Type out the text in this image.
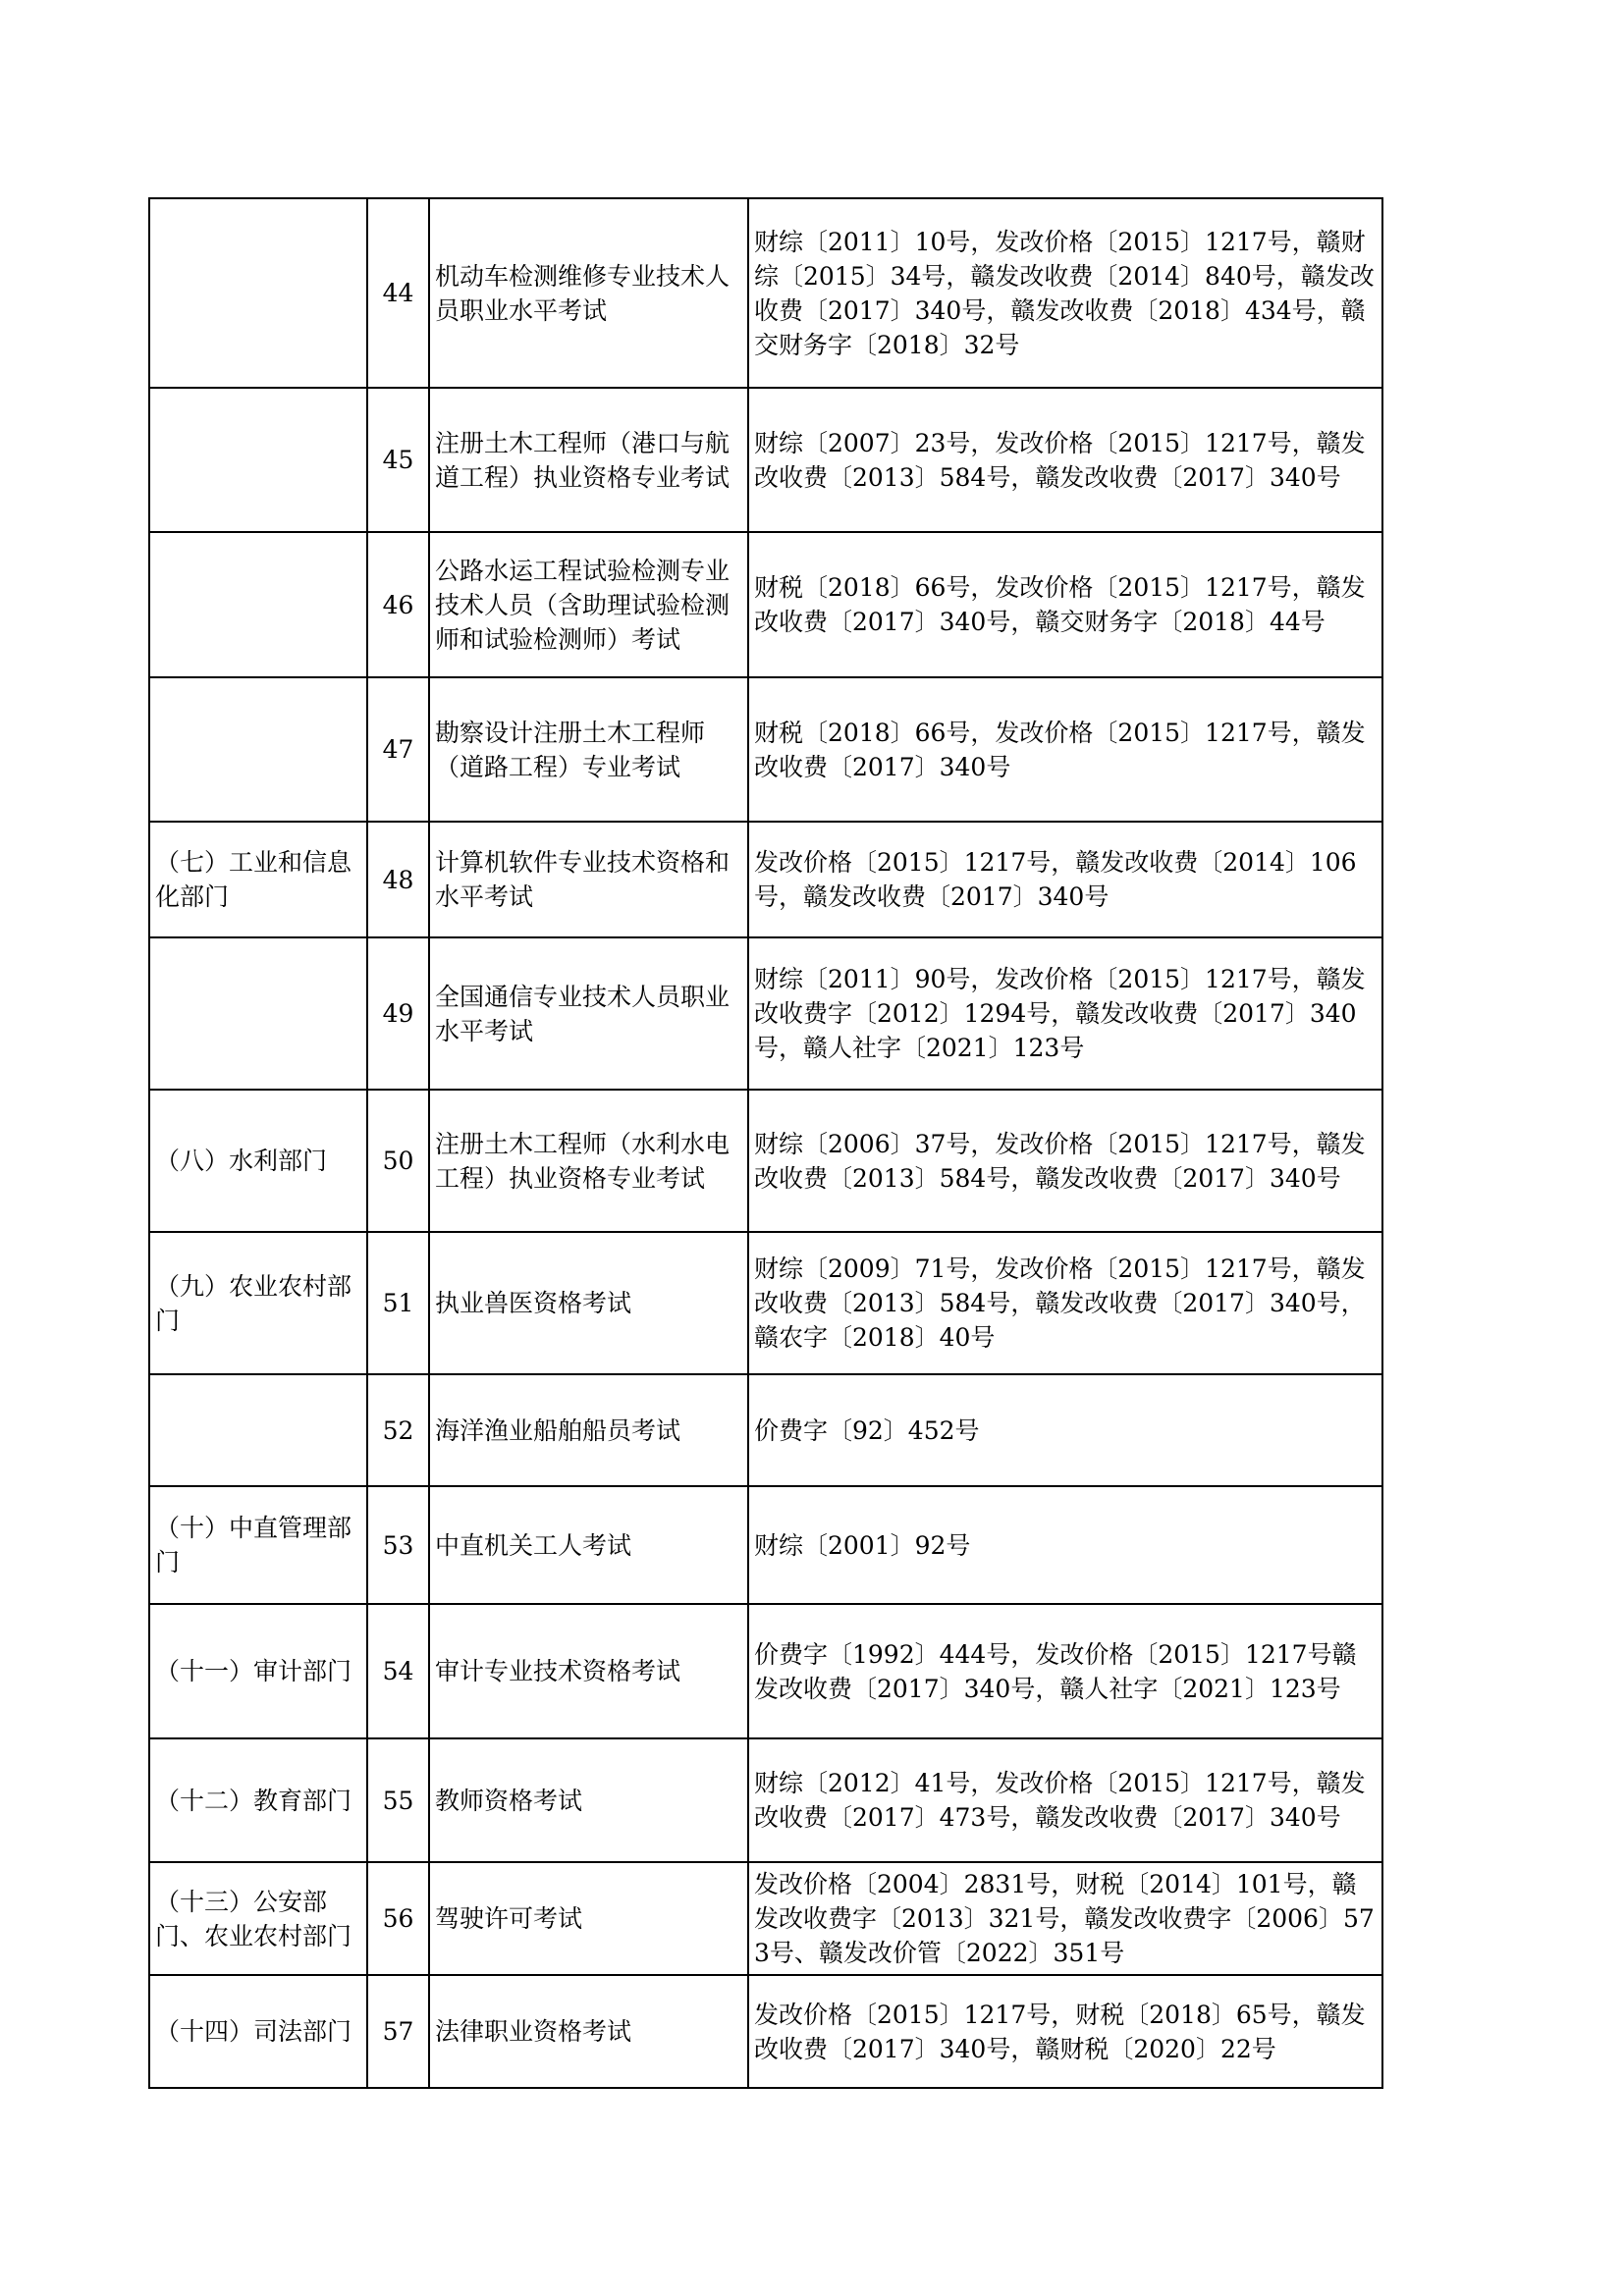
	44	机动车检测维修专业技术人员职业水平考试	财综〔2011〕10号，发改价格〔2015〕1217号，赣财综〔2015〕34号，赣发改收费〔2014〕840号，赣发改收费〔2017〕340号，赣发改收费〔2018〕434号，赣交财务字〔2018〕32号
	45	注册土木工程师（港口与航道工程）执业资格专业考试	财综〔2007〕23号，发改价格〔2015〕1217号，赣发改收费〔2013〕584号，赣发改收费〔2017〕340号
	46	公路水运工程试验检测专业技术人员（含助理试验检测师和试验检测师）考试	财税〔2018〕66号，发改价格〔2015〕1217号，赣发改收费〔2017〕340号，赣交财务字〔2018〕44号
	47	勘察设计注册土木工程师（道路工程）专业考试	财税〔2018〕66号，发改价格〔2015〕1217号，赣发改收费〔2017〕340号
（七）工业和信息化部门	48	计算机软件专业技术资格和水平考试	发改价格〔2015〕1217号，赣发改收费〔2014〕106号，赣发改收费〔2017〕340号
	49	全国通信专业技术人员职业水平考试	财综〔2011〕90号，发改价格〔2015〕1217号，赣发改收费字〔2012〕1294号，赣发改收费〔2017〕340号，赣人社字〔2021〕123号
（八）水利部门	50	注册土木工程师（水利水电工程）执业资格专业考试	财综〔2006〕37号，发改价格〔2015〕1217号，赣发改收费〔2013〕584号，赣发改收费〔2017〕340号
（九）农业农村部门	51	执业兽医资格考试	财综〔2009〕71号，发改价格〔2015〕1217号，赣发改收费〔2013〕584号，赣发改收费〔2017〕340号，赣农字〔2018〕40号
	52	海洋渔业船舶船员考试	价费字〔92〕452号
（十）中直管理部门	53	中直机关工人考试	财综〔2001〕92号
（十一）审计部门	54	审计专业技术资格考试	价费字〔1992〕444号，发改价格〔2015〕1217号赣发改收费〔2017〕340号，赣人社字〔2021〕123号
（十二）教育部门	55	教师资格考试	财综〔2012〕41号，发改价格〔2015〕1217号，赣发改收费〔2017〕473号，赣发改收费〔2017〕340号
（十三）公安部门、农业农村部门	56	驾驶许可考试	发改价格〔2004〕2831号，财税〔2014〕101号，赣发改收费字〔2013〕321号，赣发改收费字〔2006〕573号、赣发改价管〔2022〕351号
（十四）司法部门	57	法律职业资格考试	发改价格〔2015〕1217号，财税〔2018〕65号，赣发改收费〔2017〕340号，赣财税〔2020〕22号
